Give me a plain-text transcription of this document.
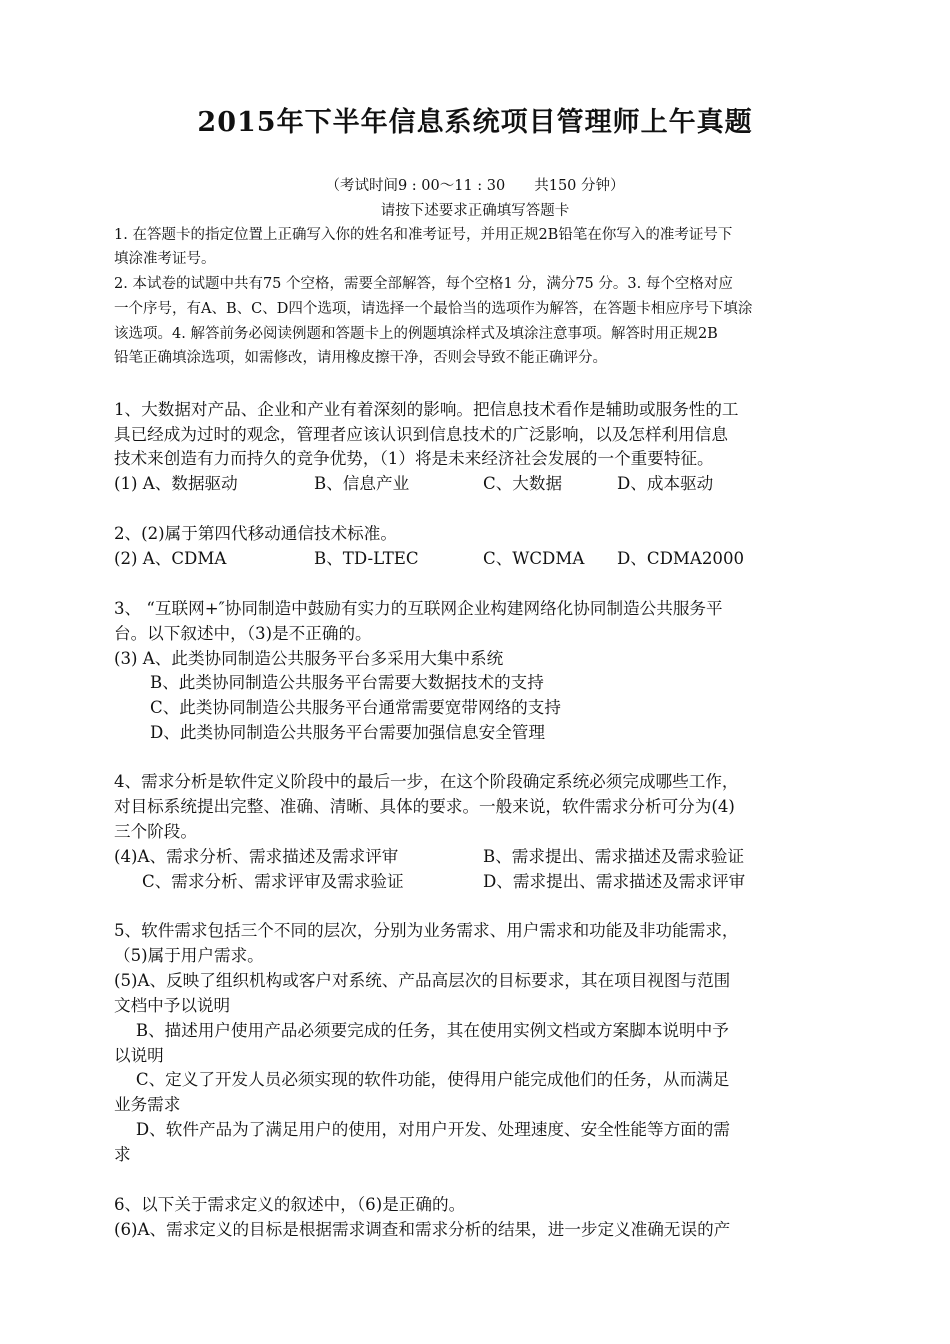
2015年下半年信息系统项目管理师上午真题
（考试时间9 : 00～11 : 30　　共150 分钟）
请按下述要求正确填写答题卡
1. 在答题卡的指定位置上正确写入你的姓名和准考证号，并用正规2B铅笔在你写入的准考证号下
填涂准考证号。
2. 本试卷的试题中共有75 个空格，需要全部解答，每个空格1 分，满分75 分。3. 每个空格对应
一个序号，有A、B、C、D四个选项，请选择一个最恰当的选项作为解答，在答题卡相应序号下填涂
该选项。4. 解答前务必阅读例题和答题卡上的例题填涂样式及填涂注意事项。解答时用正规2B
铅笔正确填涂选项，如需修改，请用橡皮擦干净，否则会导致不能正确评分。
1、大数据对产品、企业和产业有着深刻的影响。把信息技术看作是辅助或服务性的工
具已经成为过时的观念，管理者应该认识到信息技术的广泛影响，以及怎样利用信息
技术来创造有力而持久的竞争优势，（1）将是未来经济社会发展的一个重要特征。
(1) A、数据驱动	B、信息产业	C、大数据	D、成本驱动
2、(2)属于第四代移动通信技术标准。
(2) A、CDMA	B、TD-LTEC	C、WCDMA D、CDMA2000
3、 “互联网+″协同制造中鼓励有实力的互联网企业构建网络化协同制造公共服务平
台。以下叙述中，（3)是不正确的。
(3) A、此类协同制造公共服务平台多采用大集中系统
B、此类协同制造公共服务平台需要大数据技术的支持
C、此类协同制造公共服务平台通常需要宽带网络的支持
D、此类协同制造公共服务平台需要加强信息安全管理
4、需求分析是软件定义阶段中的最后一步，在这个阶段确定系统必须完成哪些工作，
对目标系统提出完整、准确、清晰、具体的要求。一般来说，软件需求分析可分为(4)
三个阶段。
(4)A、需求分析、需求描述及需求评审	B、需求提出、需求描述及需求验证
C、需求分析、需求评审及需求验证	D、需求提出、需求描述及需求评审
5、软件需求包括三个不同的层次，分别为业务需求、用户需求和功能及非功能需求，
（5)属于用户需求。
(5)A、反映了组织机构或客户对系统、产品高层次的目标要求，其在项目视图与范围
文档中予以说明
　 B、描述用户使用产品必须要完成的任务，其在使用实例文档或方案脚本说明中予
以说明
　 C、定义了开发人员必须实现的软件功能，使得用户能完成他们的任务，从而满足
业务需求
　 D、软件产品为了满足用户的使用，对用户开发、处理速度、安全性能等方面的需
求
6、以下关于需求定义的叙述中，（6)是正确的。
(6)A、需求定义的目标是根据需求调查和需求分析的结果，进一步定义准确无误的产
